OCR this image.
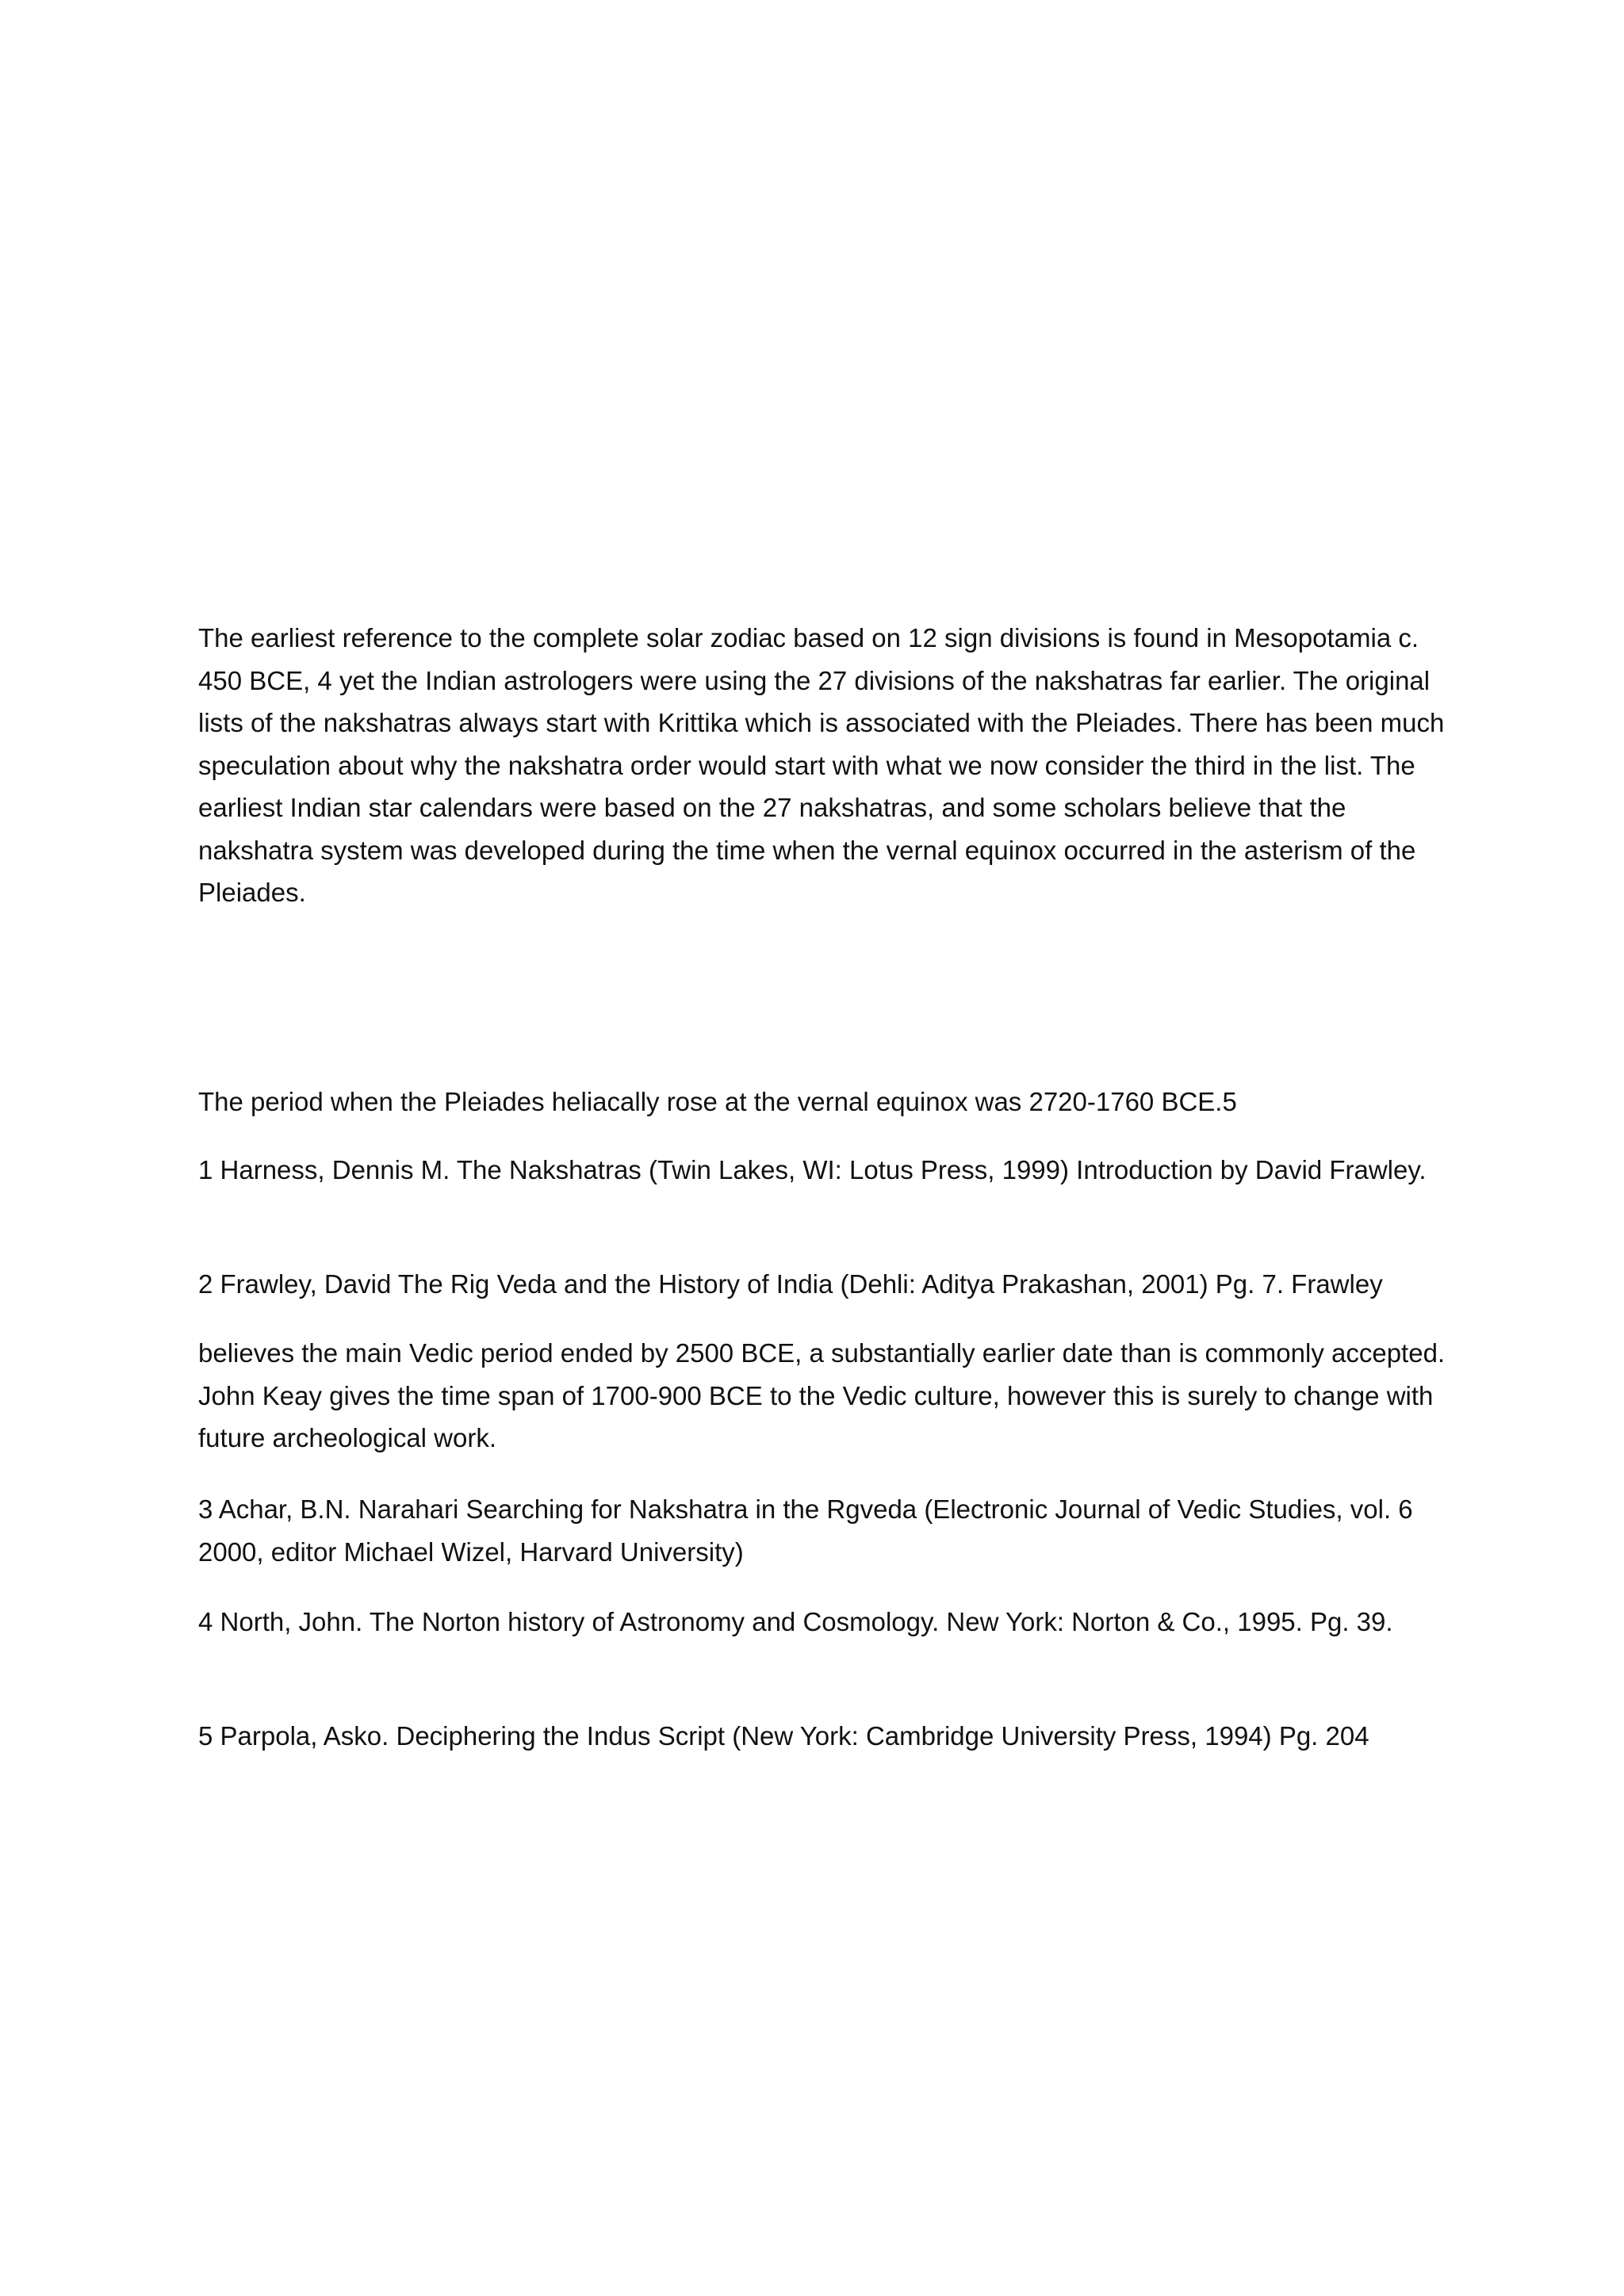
The earliest reference to the complete solar zodiac based on 12 sign divisions is found in Mesopotamia c. 450 BCE, 4 yet the Indian astrologers were using the 27 divisions of the nakshatras far earlier. The original lists of the nakshatras always start with Krittika which is associated with the Pleiades. There has been much speculation about why the nakshatra order would start with what we now consider the third in the list. The earliest Indian star calendars were based on the 27 nakshatras, and some scholars believe that the nakshatra system was developed during the time when the vernal equinox occurred in the asterism of the Pleiades.

The period when the Pleiades heliacally rose at the vernal equinox was 2720-1760 BCE.5

1 Harness, Dennis M. The Nakshatras (Twin Lakes, WI: Lotus Press, 1999) Introduction by David Frawley.

2 Frawley, David The Rig Veda and the History of India (Dehli: Aditya Prakashan, 2001) Pg. 7. Frawley

believes the main Vedic period ended by 2500 BCE, a substantially earlier date than is commonly accepted. John Keay gives the time span of 1700-900 BCE to the Vedic culture, however this is surely to change with future archeological work.

3 Achar, B.N. Narahari Searching for Nakshatra in the Rgveda (Electronic Journal of Vedic Studies, vol. 6 2000, editor Michael Wizel, Harvard University)

4 North, John. The Norton history of Astronomy and Cosmology. New York: Norton & Co., 1995. Pg. 39.

5 Parpola, Asko. Deciphering the Indus Script (New York: Cambridge University Press, 1994) Pg. 204
